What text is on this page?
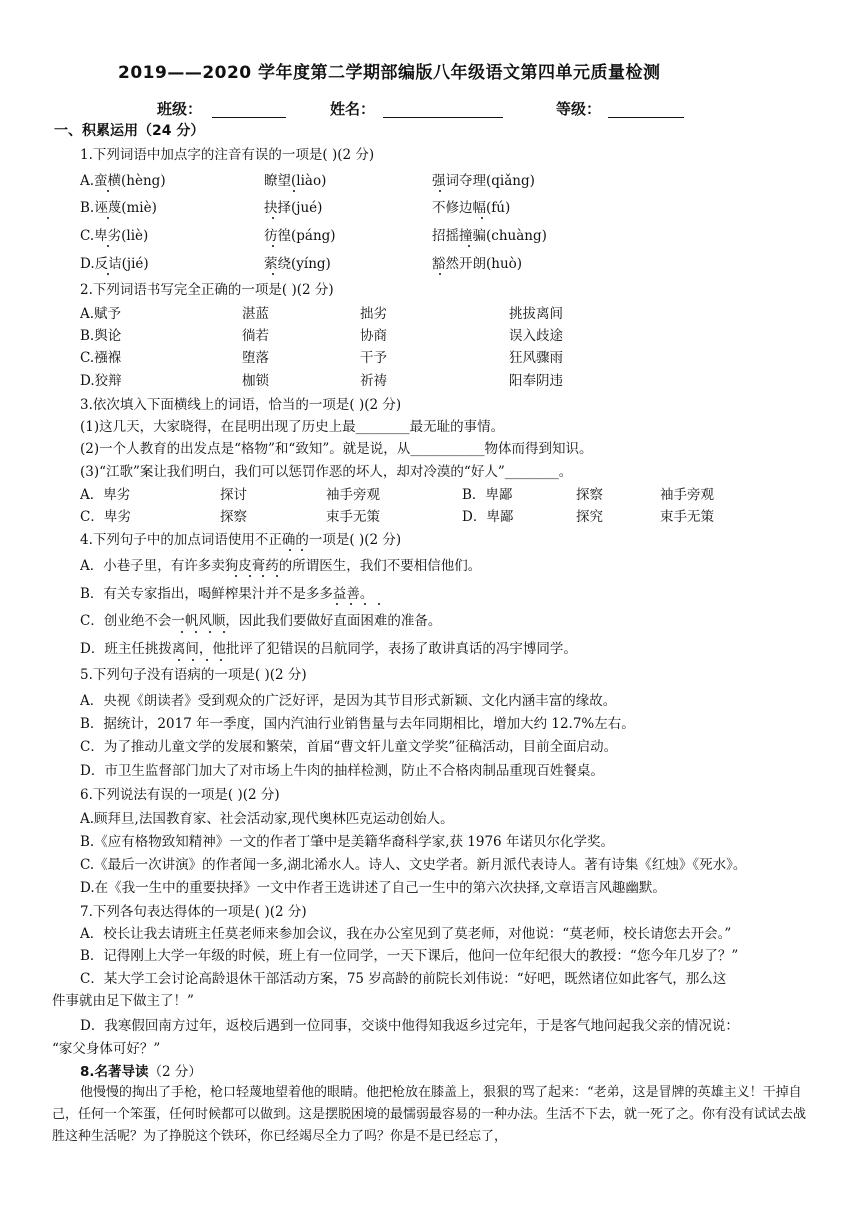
2019——2020 学年度第二学期部编版八年级语文第四单元质量检测
班级：	姓名：	等级：
一、积累运用（24 分）
1.下列词语中加点字的注音有误的一项是( )(2 分)
A.蛮横(hèng)	瞭望(liào)	强词夺理(qiǎng)
B.诬蔑(miè)	抉择(jué)	不修边幅(fú)
C.卑劣(liè)	彷徨(páng)	招摇撞骗(chuàng)
D.反诘(jié)	萦绕(yíng)	豁然开朗(huò)
2.下列词语书写完全正确的一项是( )(2 分)
A.赋予	湛蓝	拙劣	挑拔离间
B.舆论	徜若	协商	误入歧途
C.襁褓	堕落	干予	狂风骤雨
D.狡辩	枷锁	祈祷	阳奉阴违
3.依次填入下面横线上的词语，恰当的一项是( )(2 分)
(1)这几天，大家晓得，在昆明出现了历史上最________最无耻的事情。
(2)一个人教育的出发点是“格物”和“致知”。就是说，从___________物体而得到知识。
(3)“江歌”案让我们明白，我们可以惩罚作恶的坏人，却对冷漠的“好人”________。
A．卑劣	探讨	袖手旁观	B．卑鄙	探察	袖手旁观
C．卑劣	探察	束手无策	D．卑鄙	探究	束手无策
4.下列句子中的加点词语使用不正确的一项是( )(2 分)
A．小巷子里，有许多卖狗皮膏药的所谓医生，我们不要相信他们。
B．有关专家指出，喝鲜榨果汁并不是多多益善。
C．创业绝不会一帆风顺，因此我们要做好直面困难的准备。
D．班主任挑拨离间，他批评了犯错误的吕航同学，表扬了敢讲真话的冯宇博同学。
5.下列句子没有语病的一项是( )(2 分)
A．央视《朗读者》受到观众的广泛好评，是因为其节目形式新颖、文化内涵丰富的缘故。
B．据统计，2017 年一季度，国内汽油行业销售量与去年同期相比，增加大约 12.7%左右。
C．为了推动儿童文学的发展和繁荣，首届“曹文轩儿童文学奖”征稿活动，目前全面启动。
D．市卫生监督部门加大了对市场上牛肉的抽样检测，防止不合格肉制品重现百姓餐桌。
6.下列说法有误的一项是( )(2 分)
A.顾拜旦,法国教育家、社会活动家,现代奥林匹克运动创始人。
B.《应有格物致知精神》一文的作者丁肇中是美籍华裔科学家,获 1976 年诺贝尔化学奖。
C.《最后一次讲演》的作者闻一多,湖北浠水人。诗人、文史学者。新月派代表诗人。著有诗集《红烛》《死水》。
D.在《我一生中的重要抉择》一文中作者王选讲述了自己一生中的第六次抉择,文章语言风趣幽默。
7.下列各句表达得体的一项是( )(2 分)
A．校长让我去请班主任莫老师来参加会议，我在办公室见到了莫老师，对他说：“莫老师，校长请您去开会。”
B．记得刚上大学一年级的时候，班上有一位同学，一天下课后，他问一位年纪很大的教授：“您今年几岁了？”
C．某大学工会讨论高龄退休干部活动方案，75 岁高龄的前院长刘伟说：“好吧，既然诸位如此客气，那么这
件事就由足下做主了！”
D．我寒假回南方过年，返校后遇到一位同事，交谈中他得知我返乡过完年，于是客气地问起我父亲的情况说：
“家父身体可好？”
8.名著导读（2 分）
他慢慢的掏出了手枪，枪口轻蔑地望着他的眼睛。他把枪放在膝盖上，狠狠的骂了起来：“老弟，这是冒牌的英雄主义！干掉自己，任何一个笨蛋，任何时候都可以做到。这是摆脱困境的最懦弱最容易的一种办法。生活不下去，就一死了之。你有没有试试去战胜这种生活呢？为了挣脱这个铁环，你已经竭尽全力了吗？你是不是已经忘了，
